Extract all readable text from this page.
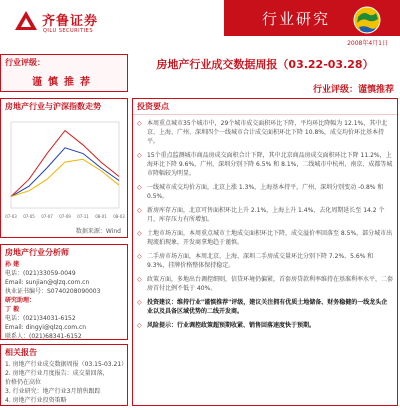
齐鲁证券
QILU SECURITIES
行业研究
2008年4月1日
行业评级：
谨慎推荐
房地产行业与沪深指数走势
07-03 07-05 07-07 07-09 07-11 08-01 08-03
数据来源：Wind
房地产行业分析师
孙 建
电话：(021)33059-0049
Email: sunjian@qlzq.com.cn
执业证书编号：S0740208090003
研究助理：
丁 毅
电话：(021)34031-6152
Email: dingyi@qlzq.com.cn
联系人：(021)68341-6152
相关报告
1. 房地产行业成交数据周报（03.15-03.21）
2. 房地产行业月度报告：成交量回落，
价格仍在高位
3. 行业研究：地产行业3月销售跟踪
4. 房地产行业投资策略
房地产行业成交数据周报（03.22-03.28）
行业评级：谨慎推荐
投资要点
◇ 本周重点城市35个城市中，29个城市成交面积环比下降，平均环比降幅为 12.1%，其中北京、上海、广州、深圳四个一线城市合计成交面积环比下降 10.8%，成交均价环比基本持平。
◇ 15个重点监测城市商品房成交面积合计下降，其中北京商品房成交面积环比下降 11.2%，上海环比下降 9.6%，广州、深圳分别下降 6.5% 和 8.1%，二线城市中杭州、南京、成都等城市降幅较为明显。
◇ 一线城市成交均价方面，北京上涨 1.3%，上海基本持平，广州、深圳分别变动 -0.8% 和 0.5%。
◇ 新房库存方面，北京可售面积环比上升 2.1%，上海上升 1.4%，去化周期延长至 14.2 个月，库存压力有所增加。
◇ 土地市场方面，本周重点城市土地成交面积环比下降，成交溢价率回落至 8.5%，部分城市出现流拍现象，开发商拿地趋于谨慎。
◇ 二手房市场方面，本周北京、上海、深圳二手房成交量环比分别下降 7.2%、5.6% 和 9.3%，挂牌价格整体保持稳定。
◇ 政策方面，多地出台调控细则，信贷环境仍偏紧，首套房贷款利率维持在基准利率水平，二套房首付比例不低于 40%。
◇ 投资建议：维持行业"谨慎推荐"评级，建议关注拥有优质土地储备、财务稳健的一线龙头企业以及具备区域优势的二线开发商。
◇ 风险提示：行业调控政策超预期收紧、销售回落速度快于预期。
